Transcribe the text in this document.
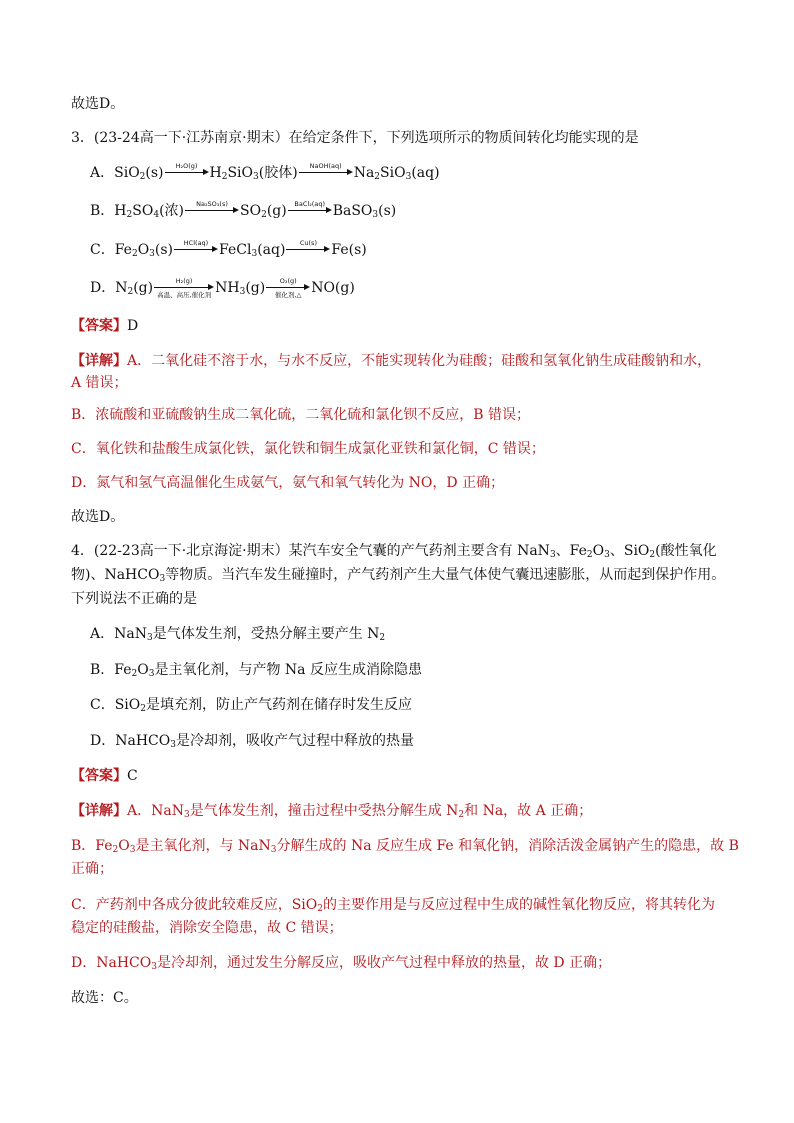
故选D。
3．(23-24高一下·江苏南京·期末）在给定条件下，下列选项所示的物质间转化均能实现的是
A．SiO$_2$(s)	H₂O(g) $H_2SiO_3$(胶体)	NaOH(aq) $Na_2SiO_3(aq)$
B．$H_2SO_4$(浓)	Na₂SO₃(s) $SO_2(g)$	BaCl₂(aq) BaSO$_3$(s)
C．$Fe_2O_3(s)$	HCl(aq) FeCl$_3$(aq)	Cu(s)	Fe(s)
D．$N_2(g)$	H₂(g)
高温、高压,催化剂 $NH_3(g)$	O₂(g)
催化剂,△ NO(g)
【答案】D
【详解】A．二氧化硅不溶于水，与水不反应，不能实现转化为硅酸；硅酸和氢氧化钠生成硅酸钠和水，
A 错误；
B．浓硫酸和亚硫酸钠生成二氧化硫，二氧化硫和氯化钡不反应，B 错误；
C．氧化铁和盐酸生成氯化铁，氯化铁和铜生成氯化亚铁和氯化铜，C 错误；
D．氮气和氢气高温催化生成氨气，氨气和氧气转化为 NO，D 正确；
故选D。
4．(22-23高一下·北京海淀·期末）某汽车安全气囊的产气药剂主要含有 NaN$_3$、$Fe_2O_3$、SiO$_2$(酸性氧化
物)、NaHCO$_3$等物质。当汽车发生碰撞时，产气药剂产生大量气体使气囊迅速膨胀，从而起到保护作用。
下列说法不正确的是
A．NaN$_3$是气体发生剂，受热分解主要产生 $N_2$
B．$Fe_2O_3$是主氧化剂，与产物 Na 反应生成消除隐患
C．SiO$_2$是填充剂，防止产气药剂在储存时发生反应
D．NaHCO$_3$是冷却剂，吸收产气过程中释放的热量
【答案】C
【详解】A．NaN$_3$是气体发生剂，撞击过程中受热分解生成 $N_2$和 Na，故 A 正确；
B．$Fe_2O_3$是主氧化剂，与 NaN$_3$分解生成的 Na 反应生成 Fe 和氧化钠，消除活泼金属钠产生的隐患，故 B
正确；
C．产药剂中各成分彼此较难反应，SiO$_2$的主要作用是与反应过程中生成的碱性氧化物反应，将其转化为
稳定的硅酸盐，消除安全隐患，故 C 错误；
D．NaHCO$_3$是冷却剂，通过发生分解反应，吸收产气过程中释放的热量，故 D 正确；
故选：C。
